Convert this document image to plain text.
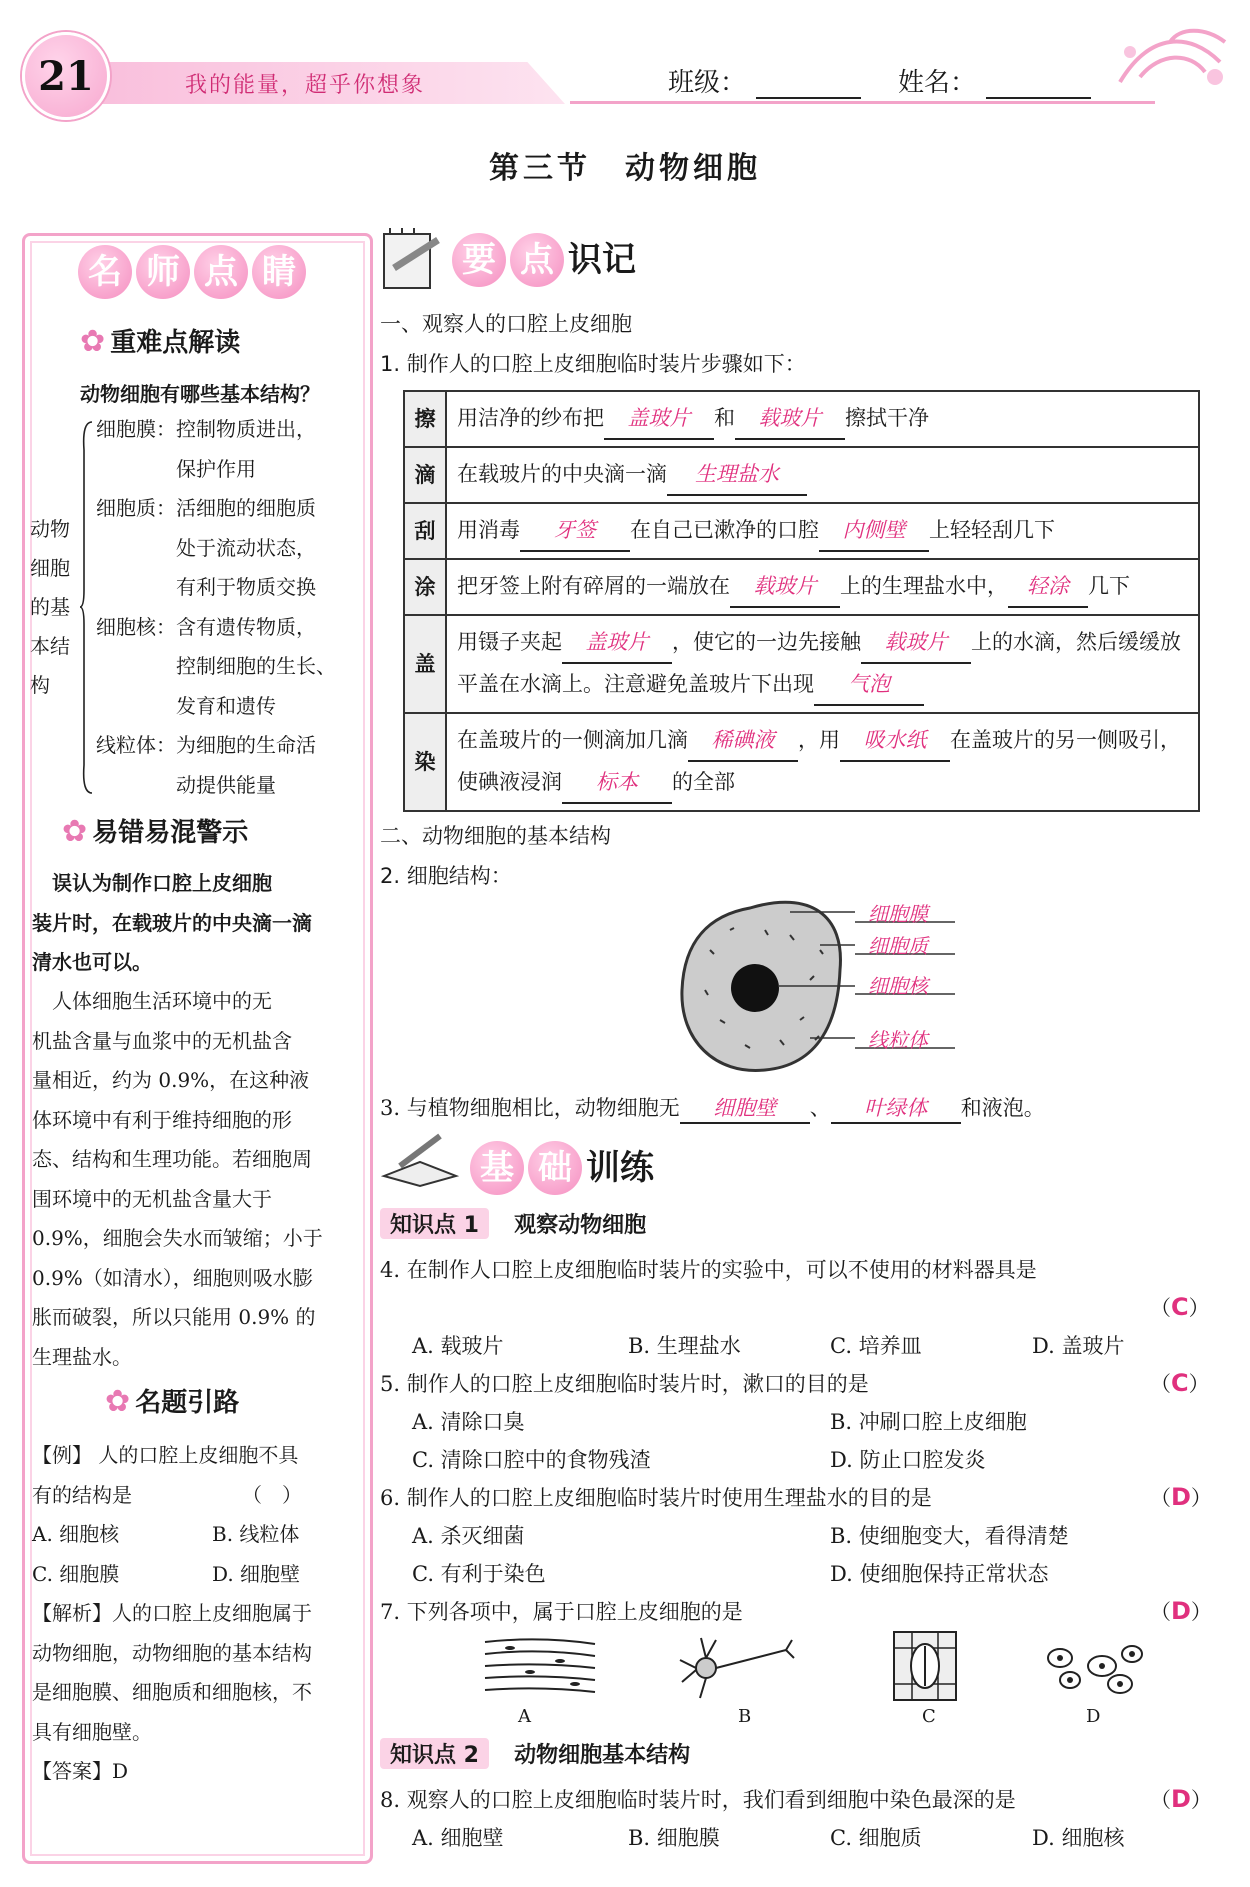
21	我的能量，超乎你想象	班级：	姓名：
第三节　动物细胞
名 师 点 睛
✿ 重难点解读
动物细胞有哪些基本结构？
动物
细胞
的基
本结
构
细胞膜：控制物质进出，
　　　　保护作用
细胞质：活细胞的细胞质
　　　　处于流动状态，
　　　　有利于物质交换
细胞核：含有遗传物质，
　　　　控制细胞的生长、
　　　　发育和遗传
线粒体：为细胞的生命活
　　　　动提供能量
✿ 易错易混警示
　误认为制作口腔上皮细胞
装片时，在载玻片的中央滴一滴
清水也可以。
　人体细胞生活环境中的无
机盐含量与血浆中的无机盐含
量相近，约为 0.9%，在这种液
体环境中有利于维持细胞的形
态、结构和生理功能。若细胞周
围环境中的无机盐含量大于
0.9%，细胞会失水而皱缩；小于
0.9%（如清水），细胞则吸水膨
胀而破裂，所以只能用 0.9% 的
生理盐水。
✿ 名题引路
【例】 人的口腔上皮细胞不具
有的结构是　　　　　　（　）
A. 细胞核	B. 线粒体
C. 细胞膜	D. 细胞壁
【解析】人的口腔上皮细胞属于
动物细胞，动物细胞的基本结构
是细胞膜、细胞质和细胞核，不
具有细胞壁。
【答案】D
要 点 识记
一、观察人的口腔上皮细胞
1. 制作人的口腔上皮细胞临时装片步骤如下：
擦	用洁净的纱布把 盖玻片 和 载玻片 擦拭干净
滴	在载玻片的中央滴一滴 生理盐水
刮	用消毒 牙签 在自己已漱净的口腔 内侧壁 上轻轻刮几下
涂	把牙签上附有碎屑的一端放在 载玻片 上的生理盐水中， 轻涂 几下
盖	用镊子夹起 盖玻片 ，使它的一边先接触 载玻片 上的水滴，然后缓缓放平盖在水滴上。注意避免盖玻片下出现 气泡
染	在盖玻片的一侧滴加几滴 稀碘液 ，用 吸水纸 在盖玻片的另一侧吸引，使碘液浸润 标本 的全部
二、动物细胞的基本结构
2. 细胞结构：
细胞膜
细胞质
细胞核
线粒体
3. 与植物细胞相比，动物细胞无 细胞壁 、 叶绿体 和液泡。
基 础 训练
知识点 1 观察动物细胞
4. 在制作人口腔上皮细胞临时装片的实验中，可以不使用的材料器具是
（C）
A. 载玻片	B. 生理盐水	C. 培养皿	D. 盖玻片
5. 制作人的口腔上皮细胞临时装片时，漱口的目的是	（C）
A. 清除口臭	B. 冲刷口腔上皮细胞
C. 清除口腔中的食物残渣	D. 防止口腔发炎
6. 制作人的口腔上皮细胞临时装片时使用生理盐水的目的是	（D）
A. 杀灭细菌	B. 使细胞变大，看得清楚
C. 有利于染色	D. 使细胞保持正常状态
7. 下列各项中，属于口腔上皮细胞的是	（D）
A	B	C	D
知识点 2 动物细胞基本结构
8. 观察人的口腔上皮细胞临时装片时，我们看到细胞中染色最深的是	（D）
A. 细胞壁	B. 细胞膜	C. 细胞质	D. 细胞核
